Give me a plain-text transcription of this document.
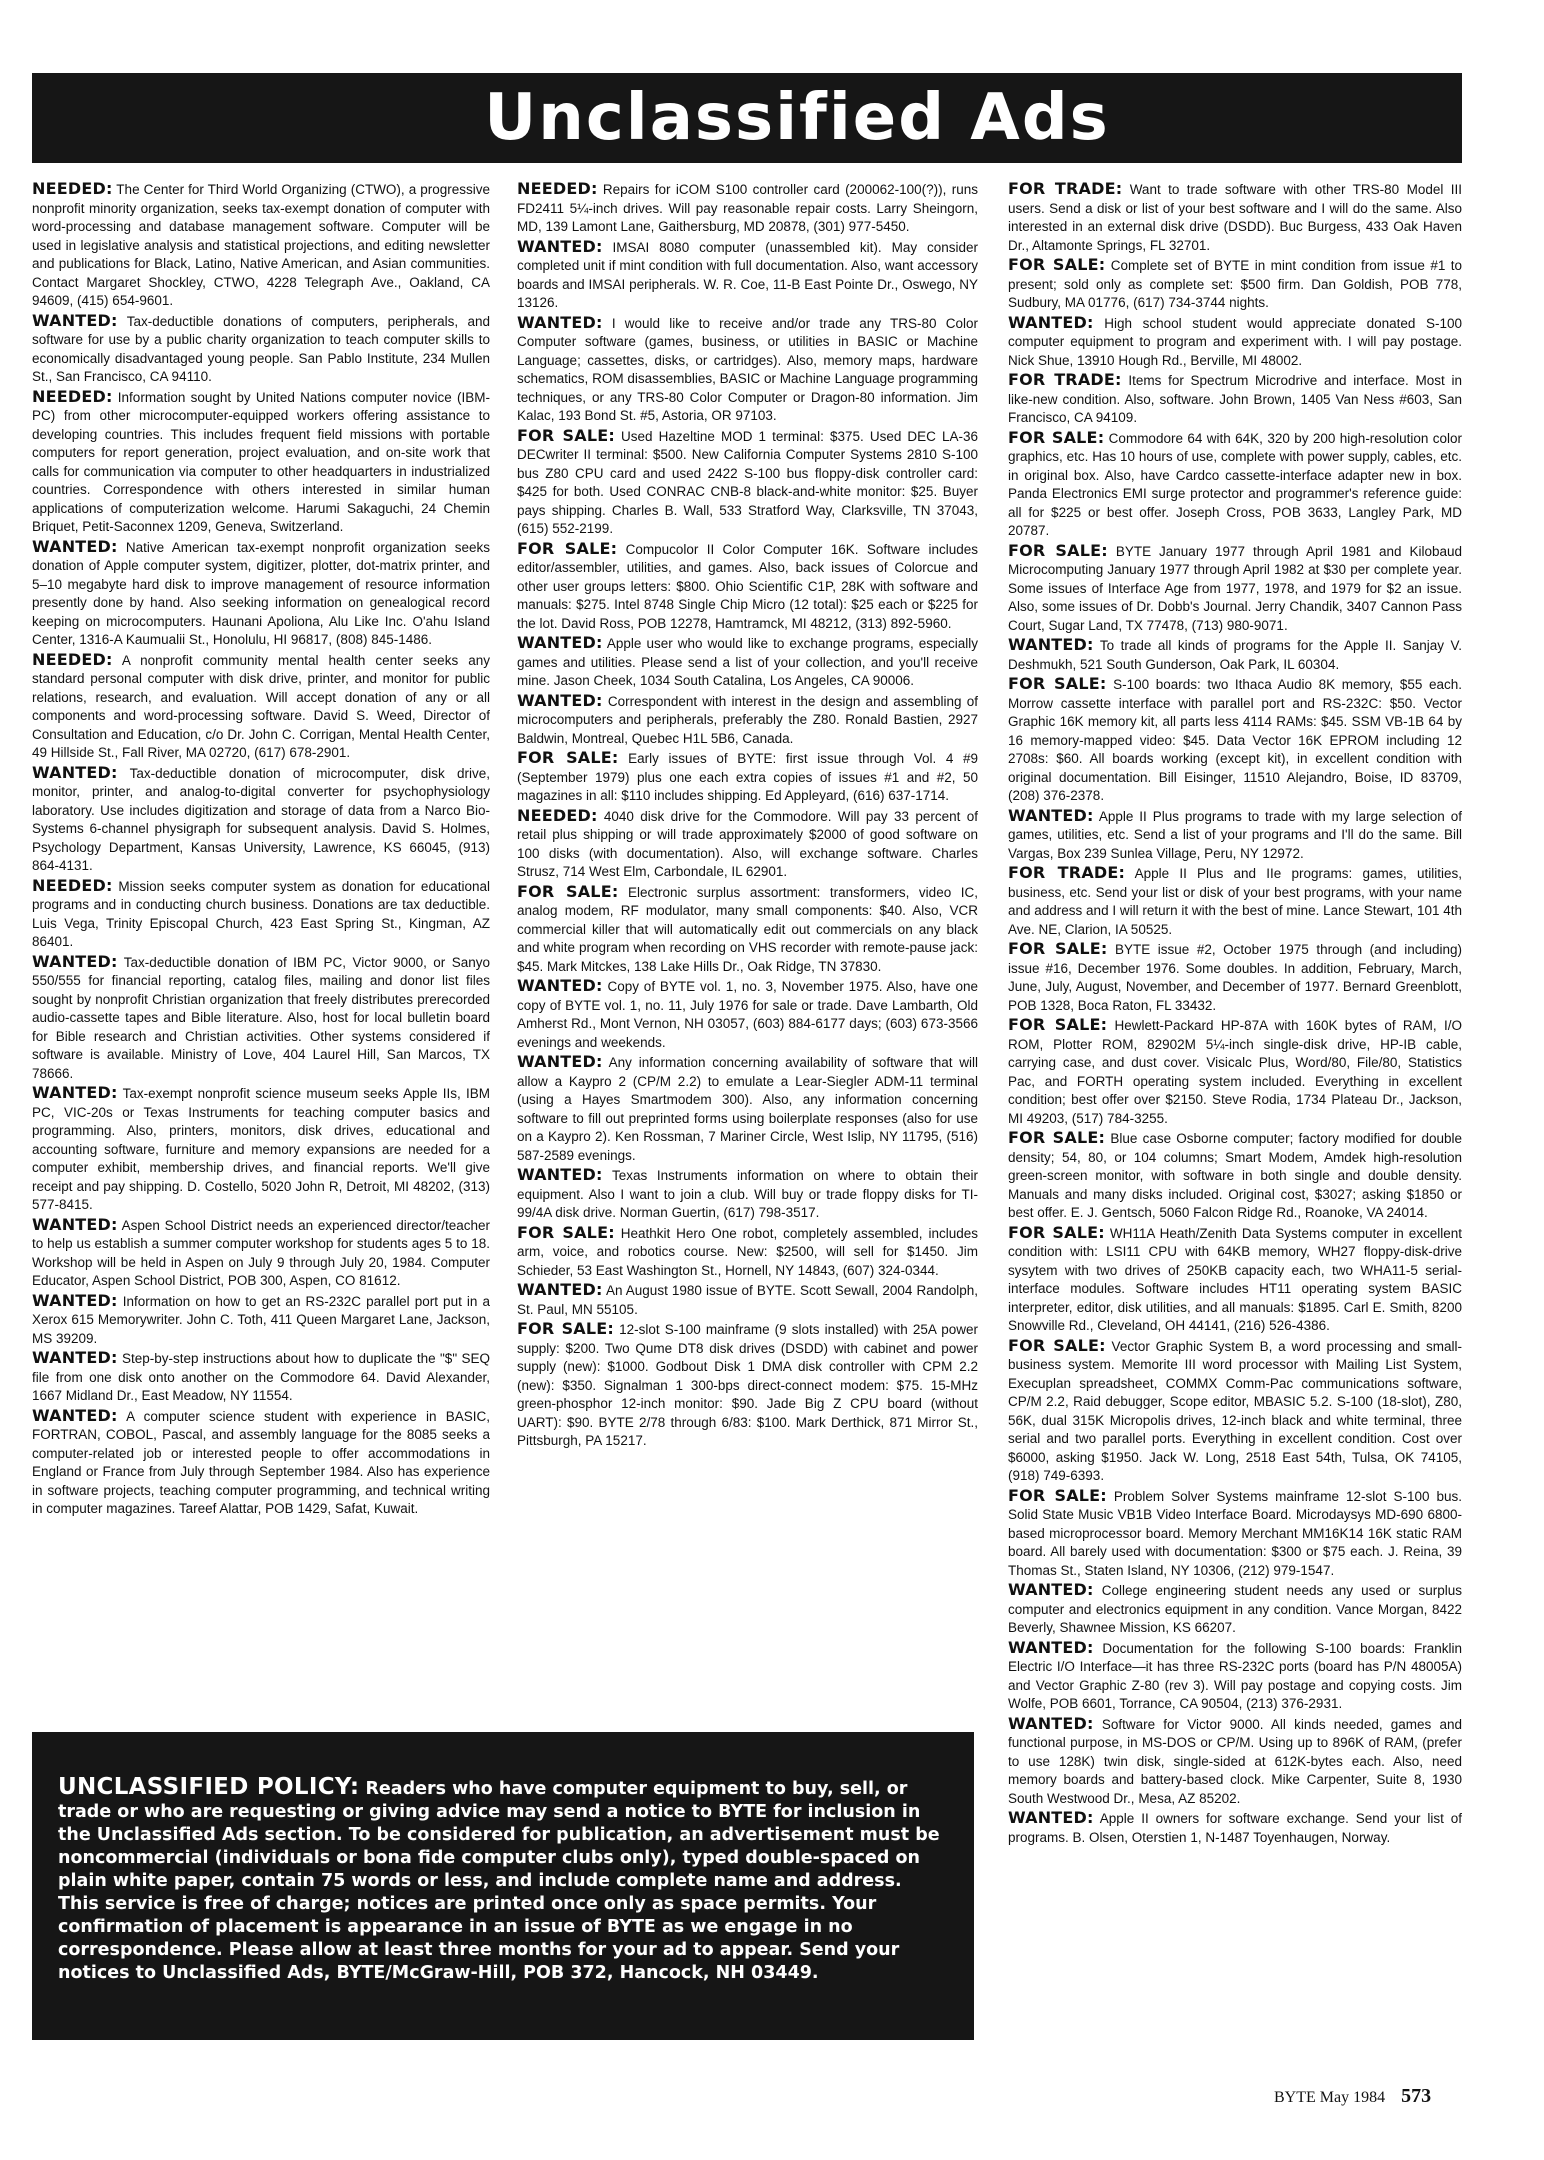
Unclassified Ads
NEEDED: The Center for Third World Organizing (CTWO), a progressive nonprofit minority organization, seeks tax-exempt donation of computer with word-processing and database management software. Computer will be used in legislative analysis and statistical projections, and editing newsletter and publications for Black, Latino, Native American, and Asian communities. Contact Margaret Shockley, CTWO, 4228 Telegraph Ave., Oakland, CA 94609, (415) 654-9601.
WANTED: Tax-deductible donations of computers, peripherals, and software for use by a public charity organization to teach computer skills to economically disadvantaged young people. San Pablo Institute, 234 Mullen St., San Francisco, CA 94110.
NEEDED: Information sought by United Nations computer novice (IBM-PC) from other microcomputer-equipped workers offering assistance to developing countries. This includes frequent field missions with portable computers for report generation, project evaluation, and on-site work that calls for communication via computer to other headquarters in industrialized countries. Correspondence with others interested in similar human applications of computerization welcome. Harumi Sakaguchi, 24 Chemin Briquet, Petit-Saconnex 1209, Geneva, Switzerland.
WANTED: Native American tax-exempt nonprofit organization seeks donation of Apple computer system, digitizer, plotter, dot-matrix printer, and 5–10 megabyte hard disk to improve management of resource information presently done by hand. Also seeking information on genealogical record keeping on microcomputers. Haunani Apoliona, Alu Like Inc. O'ahu Island Center, 1316-A Kaumualii St., Honolulu, HI 96817, (808) 845-1486.
NEEDED: A nonprofit community mental health center seeks any standard personal computer with disk drive, printer, and monitor for public relations, research, and evaluation. Will accept donation of any or all components and word-processing software. David S. Weed, Director of Consultation and Education, c/o Dr. John C. Corrigan, Mental Health Center, 49 Hillside St., Fall River, MA 02720, (617) 678-2901.
WANTED: Tax-deductible donation of microcomputer, disk drive, monitor, printer, and analog-to-digital converter for psychophysiology laboratory. Use includes digitization and storage of data from a Narco Bio-Systems 6-channel physigraph for subsequent analysis. David S. Holmes, Psychology Department, Kansas University, Lawrence, KS 66045, (913) 864-4131.
NEEDED: Mission seeks computer system as donation for educational programs and in conducting church business. Donations are tax deductible. Luis Vega, Trinity Episcopal Church, 423 East Spring St., Kingman, AZ 86401.
WANTED: Tax-deductible donation of IBM PC, Victor 9000, or Sanyo 550/555 for financial reporting, catalog files, mailing and donor list files sought by nonprofit Christian organization that freely distributes prerecorded audio-cassette tapes and Bible literature. Also, host for local bulletin board for Bible research and Christian activities. Other systems considered if software is available. Ministry of Love, 404 Laurel Hill, San Marcos, TX 78666.
WANTED: Tax-exempt nonprofit science museum seeks Apple IIs, IBM PC, VIC-20s or Texas Instruments for teaching computer basics and programming. Also, printers, monitors, disk drives, educational and accounting software, furniture and memory expansions are needed for a computer exhibit, membership drives, and financial reports. We'll give receipt and pay shipping. D. Costello, 5020 John R, Detroit, MI 48202, (313) 577-8415.
WANTED: Aspen School District needs an experienced director/teacher to help us establish a summer computer workshop for students ages 5 to 18. Workshop will be held in Aspen on July 9 through July 20, 1984. Computer Educator, Aspen School District, POB 300, Aspen, CO 81612.
WANTED: Information on how to get an RS-232C parallel port put in a Xerox 615 Memorywriter. John C. Toth, 411 Queen Margaret Lane, Jackson, MS 39209.
WANTED: Step-by-step instructions about how to duplicate the "$" SEQ file from one disk onto another on the Commodore 64. David Alexander, 1667 Midland Dr., East Meadow, NY 11554.
WANTED: A computer science student with experience in BASIC, FORTRAN, COBOL, Pascal, and assembly language for the 8085 seeks a computer-related job or interested people to offer accommodations in England or France from July through September 1984. Also has experience in software projects, teaching computer programming, and technical writing in computer magazines. Tareef Alattar, POB 1429, Safat, Kuwait.
NEEDED: Repairs for iCOM S100 controller card (200062-100(?)), runs FD2411 5¼-inch drives. Will pay reasonable repair costs. Larry Sheingorn, MD, 139 Lamont Lane, Gaithersburg, MD 20878, (301) 977-5450.
WANTED: IMSAI 8080 computer (unassembled kit). May consider completed unit if mint condition with full documentation. Also, want accessory boards and IMSAI peripherals. W. R. Coe, 11-B East Pointe Dr., Oswego, NY 13126.
WANTED: I would like to receive and/or trade any TRS-80 Color Computer software (games, business, or utilities in BASIC or Machine Language; cassettes, disks, or cartridges). Also, memory maps, hardware schematics, ROM disassemblies, BASIC or Machine Language programming techniques, or any TRS-80 Color Computer or Dragon-80 information. Jim Kalac, 193 Bond St. #5, Astoria, OR 97103.
FOR SALE: Used Hazeltine MOD 1 terminal: $375. Used DEC LA-36 DECwriter II terminal: $500. New California Computer Systems 2810 S-100 bus Z80 CPU card and used 2422 S-100 bus floppy-disk controller card: $425 for both. Used CONRAC CNB-8 black-and-white monitor: $25. Buyer pays shipping. Charles B. Wall, 533 Stratford Way, Clarksville, TN 37043, (615) 552-2199.
FOR SALE: Compucolor II Color Computer 16K. Software includes editor/assembler, utilities, and games. Also, back issues of Colorcue and other user groups letters: $800. Ohio Scientific C1P, 28K with software and manuals: $275. Intel 8748 Single Chip Micro (12 total): $25 each or $225 for the lot. David Ross, POB 12278, Hamtramck, MI 48212, (313) 892-5960.
WANTED: Apple user who would like to exchange programs, especially games and utilities. Please send a list of your collection, and you'll receive mine. Jason Cheek, 1034 South Catalina, Los Angeles, CA 90006.
WANTED: Correspondent with interest in the design and assembling of microcomputers and peripherals, preferably the Z80. Ronald Bastien, 2927 Baldwin, Montreal, Quebec H1L 5B6, Canada.
FOR SALE: Early issues of BYTE: first issue through Vol. 4 #9 (September 1979) plus one each extra copies of issues #1 and #2, 50 magazines in all: $110 includes shipping. Ed Appleyard, (616) 637-1714.
NEEDED: 4040 disk drive for the Commodore. Will pay 33 percent of retail plus shipping or will trade approximately $2000 of good software on 100 disks (with documentation). Also, will exchange software. Charles Strusz, 714 West Elm, Carbondale, IL 62901.
FOR SALE: Electronic surplus assortment: transformers, video IC, analog modem, RF modulator, many small components: $40. Also, VCR commercial killer that will automatically edit out commercials on any black and white program when recording on VHS recorder with remote-pause jack: $45. Mark Mitckes, 138 Lake Hills Dr., Oak Ridge, TN 37830.
WANTED: Copy of BYTE vol. 1, no. 3, November 1975. Also, have one copy of BYTE vol. 1, no. 11, July 1976 for sale or trade. Dave Lambarth, Old Amherst Rd., Mont Vernon, NH 03057, (603) 884-6177 days; (603) 673-3566 evenings and weekends.
WANTED: Any information concerning availability of software that will allow a Kaypro 2 (CP/M 2.2) to emulate a Lear-Siegler ADM-11 terminal (using a Hayes Smartmodem 300). Also, any information concerning software to fill out preprinted forms using boilerplate responses (also for use on a Kaypro 2). Ken Rossman, 7 Mariner Circle, West Islip, NY 11795, (516) 587-2589 evenings.
WANTED: Texas Instruments information on where to obtain their equipment. Also I want to join a club. Will buy or trade floppy disks for TI-99/4A disk drive. Norman Guertin, (617) 798-3517.
FOR SALE: Heathkit Hero One robot, completely assembled, includes arm, voice, and robotics course. New: $2500, will sell for $1450. Jim Schieder, 53 East Washington St., Hornell, NY 14843, (607) 324-0344.
WANTED: An August 1980 issue of BYTE. Scott Sewall, 2004 Randolph, St. Paul, MN 55105.
FOR SALE: 12-slot S-100 mainframe (9 slots installed) with 25A power supply: $200. Two Qume DT8 disk drives (DSDD) with cabinet and power supply (new): $1000. Godbout Disk 1 DMA disk controller with CPM 2.2 (new): $350. Signalman 1 300-bps direct-connect modem: $75. 15-MHz green-phosphor 12-inch monitor: $90. Jade Big Z CPU board (without UART): $90. BYTE 2/78 through 6/83: $100. Mark Derthick, 871 Mirror St., Pittsburgh, PA 15217.
FOR TRADE: Want to trade software with other TRS-80 Model III users. Send a disk or list of your best software and I will do the same. Also interested in an external disk drive (DSDD). Buc Burgess, 433 Oak Haven Dr., Altamonte Springs, FL 32701.
FOR SALE: Complete set of BYTE in mint condition from issue #1 to present; sold only as complete set: $500 firm. Dan Goldish, POB 778, Sudbury, MA 01776, (617) 734-3744 nights.
WANTED: High school student would appreciate donated S-100 computer equipment to program and experiment with. I will pay postage. Nick Shue, 13910 Hough Rd., Berville, MI 48002.
FOR TRADE: Items for Spectrum Microdrive and interface. Most in like-new condition. Also, software. John Brown, 1405 Van Ness #603, San Francisco, CA 94109.
FOR SALE: Commodore 64 with 64K, 320 by 200 high-resolution color graphics, etc. Has 10 hours of use, complete with power supply, cables, etc. in original box. Also, have Cardco cassette-interface adapter new in box. Panda Electronics EMI surge protector and programmer's reference guide: all for $225 or best offer. Joseph Cross, POB 3633, Langley Park, MD 20787.
FOR SALE: BYTE January 1977 through April 1981 and Kilobaud Microcomputing January 1977 through April 1982 at $30 per complete year. Some issues of Interface Age from 1977, 1978, and 1979 for $2 an issue. Also, some issues of Dr. Dobb's Journal. Jerry Chandik, 3407 Cannon Pass Court, Sugar Land, TX 77478, (713) 980-9071.
WANTED: To trade all kinds of programs for the Apple II. Sanjay V. Deshmukh, 521 South Gunderson, Oak Park, IL 60304.
FOR SALE: S-100 boards: two Ithaca Audio 8K memory, $55 each. Morrow cassette interface with parallel port and RS-232C: $50. Vector Graphic 16K memory kit, all parts less 4114 RAMs: $45. SSM VB-1B 64 by 16 memory-mapped video: $45. Data Vector 16K EPROM including 12 2708s: $60. All boards working (except kit), in excellent condition with original documentation. Bill Eisinger, 11510 Alejandro, Boise, ID 83709, (208) 376-2378.
WANTED: Apple II Plus programs to trade with my large selection of games, utilities, etc. Send a list of your programs and I'll do the same. Bill Vargas, Box 239 Sunlea Village, Peru, NY 12972.
FOR TRADE: Apple II Plus and IIe programs: games, utilities, business, etc. Send your list or disk of your best programs, with your name and address and I will return it with the best of mine. Lance Stewart, 101 4th Ave. NE, Clarion, IA 50525.
FOR SALE: BYTE issue #2, October 1975 through (and including) issue #16, December 1976. Some doubles. In addition, February, March, June, July, August, November, and December of 1977. Bernard Greenblott, POB 1328, Boca Raton, FL 33432.
FOR SALE: Hewlett-Packard HP-87A with 160K bytes of RAM, I/O ROM, Plotter ROM, 82902M 5¼-inch single-disk drive, HP-IB cable, carrying case, and dust cover. Visicalc Plus, Word/80, File/80, Statistics Pac, and FORTH operating system included. Everything in excellent condition; best offer over $2150. Steve Rodia, 1734 Plateau Dr., Jackson, MI 49203, (517) 784-3255.
FOR SALE: Blue case Osborne computer; factory modified for double density; 54, 80, or 104 columns; Smart Modem, Amdek high-resolution green-screen monitor, with software in both single and double density. Manuals and many disks included. Original cost, $3027; asking $1850 or best offer. E. J. Gentsch, 5060 Falcon Ridge Rd., Roanoke, VA 24014.
FOR SALE: WH11A Heath/Zenith Data Systems computer in excellent condition with: LSI11 CPU with 64KB memory, WH27 floppy-disk-drive sysytem with two drives of 250KB capacity each, two WHA11-5 serial-interface modules. Software includes HT11 operating system BASIC interpreter, editor, disk utilities, and all manuals: $1895. Carl E. Smith, 8200 Snowville Rd., Cleveland, OH 44141, (216) 526-4386.
FOR SALE: Vector Graphic System B, a word processing and small-business system. Memorite III word processor with Mailing List System, Execuplan spreadsheet, COMMX Comm-Pac communications software, CP/M 2.2, Raid debugger, Scope editor, MBASIC 5.2. S-100 (18-slot), Z80, 56K, dual 315K Micropolis drives, 12-inch black and white terminal, three serial and two parallel ports. Everything in excellent condition. Cost over $6000, asking $1950. Jack W. Long, 2518 East 54th, Tulsa, OK 74105, (918) 749-6393.
FOR SALE: Problem Solver Systems mainframe 12-slot S-100 bus. Solid State Music VB1B Video Interface Board. Microdaysys MD-690 6800-based microprocessor board. Memory Merchant MM16K14 16K static RAM board. All barely used with documentation: $300 or $75 each. J. Reina, 39 Thomas St., Staten Island, NY 10306, (212) 979-1547.
WANTED: College engineering student needs any used or surplus computer and electronics equipment in any condition. Vance Morgan, 8422 Beverly, Shawnee Mission, KS 66207.
WANTED: Documentation for the following S-100 boards: Franklin Electric I/O Interface—it has three RS-232C ports (board has P/N 48005A) and Vector Graphic Z-80 (rev 3). Will pay postage and copying costs. Jim Wolfe, POB 6601, Torrance, CA 90504, (213) 376-2931.
WANTED: Software for Victor 9000. All kinds needed, games and functional purpose, in MS-DOS or CP/M. Using up to 896K of RAM, (prefer to use 128K) twin disk, single-sided at 612K-bytes each. Also, need memory boards and battery-based clock. Mike Carpenter, Suite 8, 1930 South Westwood Dr., Mesa, AZ 85202.
WANTED: Apple II owners for software exchange. Send your list of programs. B. Olsen, Oterstien 1, N-1487 Toyenhaugen, Norway.
UNCLASSIFIED POLICY: Readers who have computer equipment to buy, sell, or trade or who are requesting or giving advice may send a notice to BYTE for inclusion in the Unclassified Ads section. To be considered for publication, an advertisement must be noncommercial (individuals or bona fide computer clubs only), typed double-spaced on plain white paper, contain 75 words or less, and include complete name and address. This service is free of charge; notices are printed once only as space permits. Your confirmation of placement is appearance in an issue of BYTE as we engage in no correspondence. Please allow at least three months for your ad to appear. Send your notices to Unclassified Ads, BYTE/McGraw-Hill, POB 372, Hancock, NH 03449.
BYTE May 1984 573
